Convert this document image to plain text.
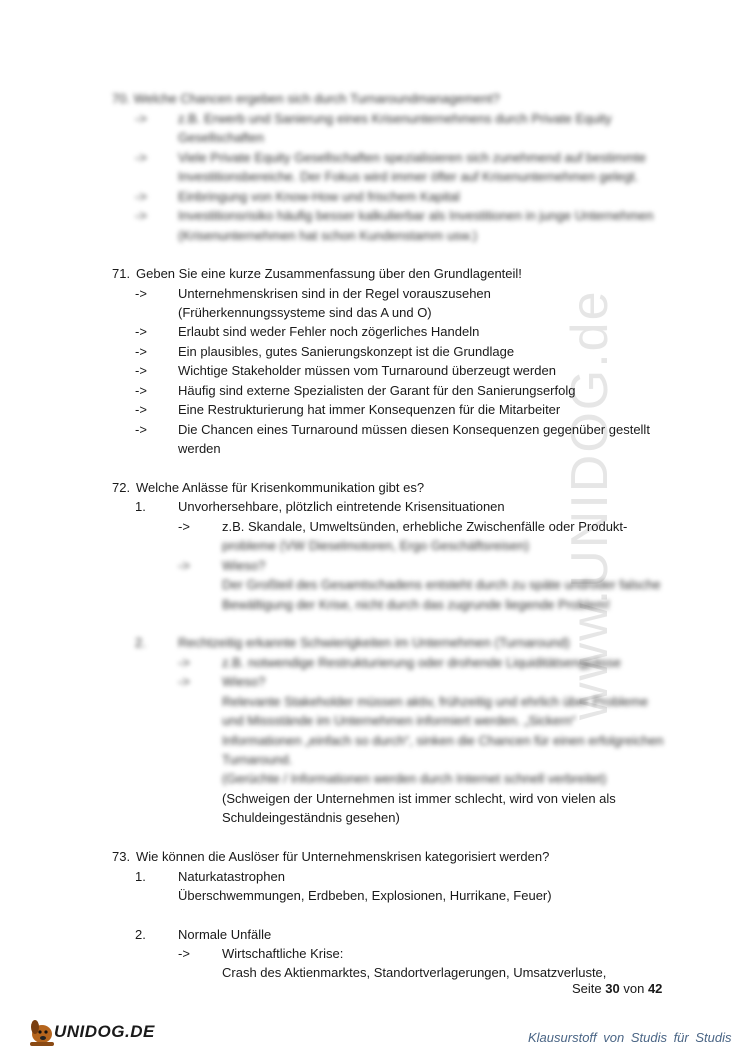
www.UNIDOG.de
70. Welche Chancen ergeben sich durch Turnaroundmanagement?
-> z.B. Erwerb und Sanierung eines Krisenunternehmens durch Private Equity
Gesellschaften
-> Viele Private Equity Gesellschaften spezialisieren sich zunehmend auf bestimmte
Investitionsbereiche. Der Fokus wird immer öfter auf Krisenunternehmen gelegt.
-> Einbringung von Know-How und frischem Kapital
-> Investitionsrisiko häufig besser kalkulierbar als Investitionen in junge Unternehmen
(Krisenunternehmen hat schon Kundenstamm usw.)
71. Geben Sie eine kurze Zusammenfassung über den Grundlagenteil!
-> Unternehmenskrisen sind in der Regel vorauszusehen
(Früherkennungssysteme sind das A und O)
-> Erlaubt sind weder Fehler noch zögerliches Handeln
-> Ein plausibles, gutes Sanierungskonzept ist die Grundlage
-> Wichtige Stakeholder müssen vom Turnaround überzeugt werden
-> Häufig sind externe Spezialisten der Garant für den Sanierungserfolg
-> Eine Restrukturierung hat immer Konsequenzen für die Mitarbeiter
-> Die Chancen eines Turnaround müssen diesen Konsequenzen gegenüber gestellt
werden
72. Welche Anlässe für Krisenkommunikation gibt es?
1. Unvorhersehbare, plötzlich eintretende Krisensituationen
-> z.B. Skandale, Umweltsünden, erhebliche Zwischenfälle oder Produkt-
probleme (VW Dieselmotoren, Ergo Geschäftsreisen)
-> Wieso?
Der Großteil des Gesamtschadens entsteht durch zu späte und/oder falsche
Bewältigung der Krise, nicht durch das zugrunde liegende Problem!
2. Rechtzeitig erkannte Schwierigkeiten im Unternehmen (Turnaround)
-> z.B. notwendige Restrukturierung oder drohende Liquiditätsengpässe
-> Wieso?
Relevante Stakeholder müssen aktiv, frühzeitig und ehrlich über Probleme
und Missstände im Unternehmen informiert werden. „Sickern“
Informationen „einfach so durch“, sinken die Chancen für einen erfolgreichen
Turnaround.
(Gerüchte / Informationen werden durch Internet schnell verbreitet)
(Schweigen der Unternehmen ist immer schlecht, wird von vielen als
Schuldeingeständnis gesehen)
73. Wie können die Auslöser für Unternehmenskrisen kategorisiert werden?
1. Naturkatastrophen
Überschwemmungen, Erdbeben, Explosionen, Hurrikane, Feuer)
2. Normale Unfälle
-> Wirtschaftliche Krise:
Crash des Aktienmarktes, Standortverlagerungen, Umsatzverluste,
Seite 30 von 42
UNIDOG.DE	Klausurstoff von Studis für Studis
